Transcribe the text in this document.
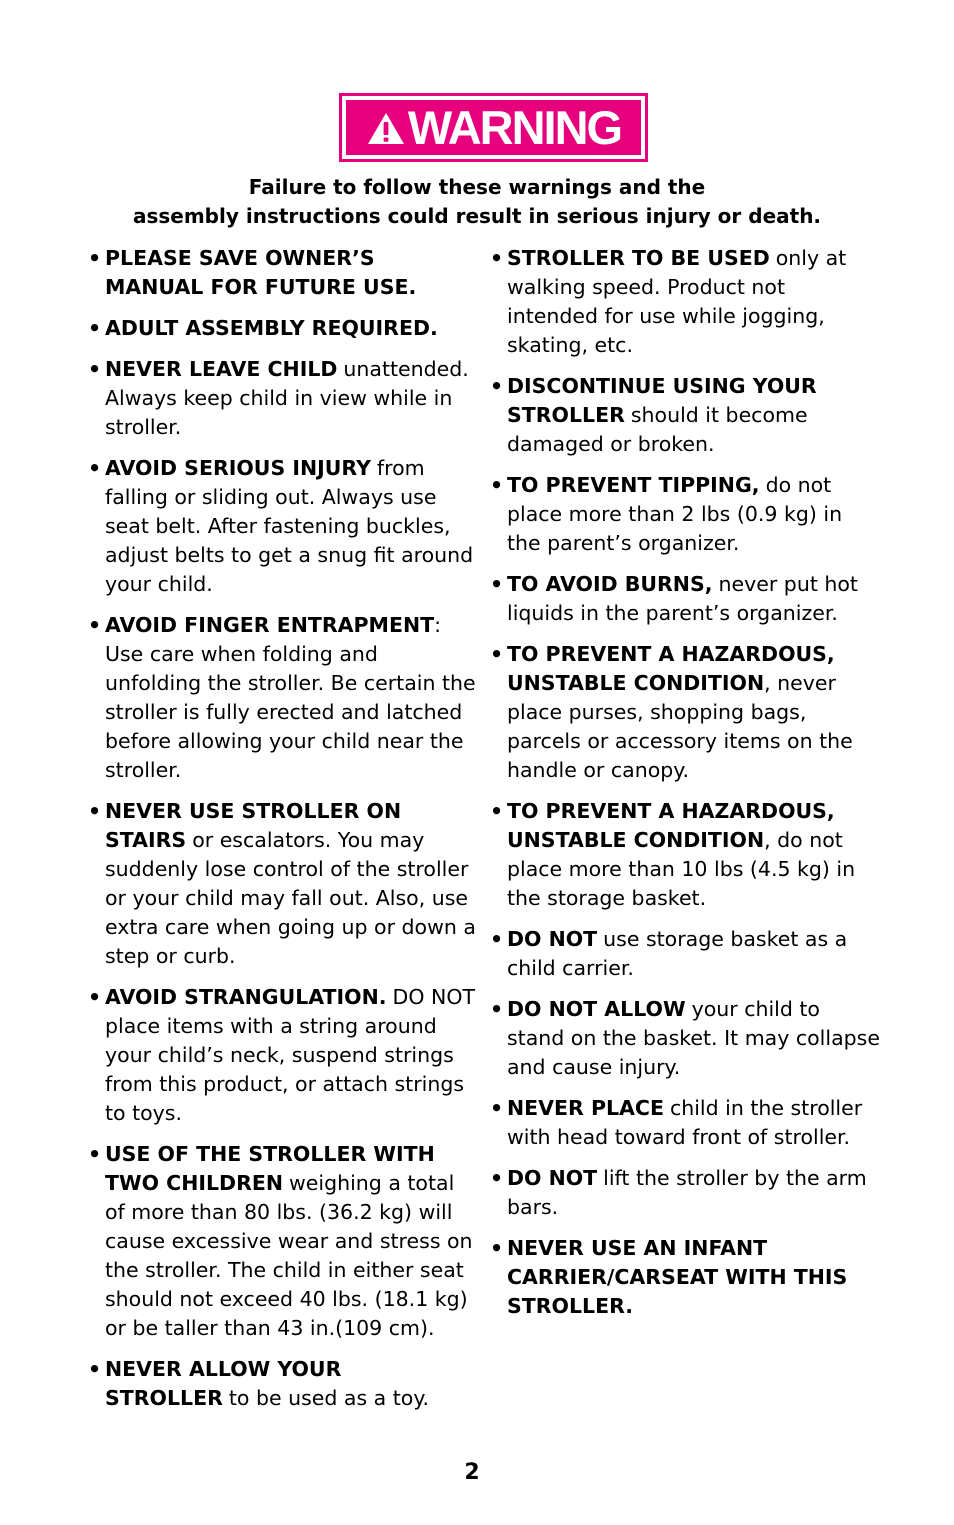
WARNING
Failure to follow these warnings and the
assembly instructions could result in serious injury or death.
• PLEASE SAVE OWNER’S MANUAL FOR FUTURE USE.
• ADULT ASSEMBLY REQUIRED.
• NEVER LEAVE CHILD unattended. Always keep child in view while in stroller.
• AVOID SERIOUS INJURY from falling or sliding out. Always use seat belt. After fastening buckles, adjust belts to get a snug fit around your child.
• AVOID FINGER ENTRAPMENT: Use care when folding and unfolding the stroller. Be certain the stroller is fully erected and latched before allowing your child near the stroller.
• NEVER USE STROLLER ON STAIRS or escalators. You may suddenly lose control of the stroller or your child may fall out. Also, use extra care when going up or down a step or curb.
• AVOID STRANGULATION. DO NOT place items with a string around your child’s neck, suspend strings from this product, or attach strings to toys.
• USE OF THE STROLLER WITH TWO CHILDREN weighing a total of more than 80 lbs. (36.2 kg) will cause excessive wear and stress on the stroller. The child in either seat should not exceed 40 lbs. (18.1 kg) or be taller than 43 in.(109 cm).
• NEVER ALLOW YOUR STROLLER to be used as a toy.
• STROLLER TO BE USED only at walking speed. Product not intended for use while jogging, skating, etc.
• DISCONTINUE USING YOUR STROLLER should it become damaged or broken.
• TO PREVENT TIPPING, do not place more than 2 lbs (0.9 kg) in the parent’s organizer.
• TO AVOID BURNS, never put hot liquids in the parent’s organizer.
• TO PREVENT A HAZARDOUS, UNSTABLE CONDITION, never place purses, shopping bags, parcels or accessory items on the handle or canopy.
• TO PREVENT A HAZARDOUS, UNSTABLE CONDITION, do not place more than 10 lbs (4.5 kg) in the storage basket.
• DO NOT use storage basket as a child carrier.
• DO NOT ALLOW your child to stand on the basket. It may collapse and cause injury.
• NEVER PLACE child in the stroller with head toward front of stroller.
• DO NOT lift the stroller by the arm bars.
• NEVER USE AN INFANT CARRIER/CARSEAT WITH THIS STROLLER.
2
